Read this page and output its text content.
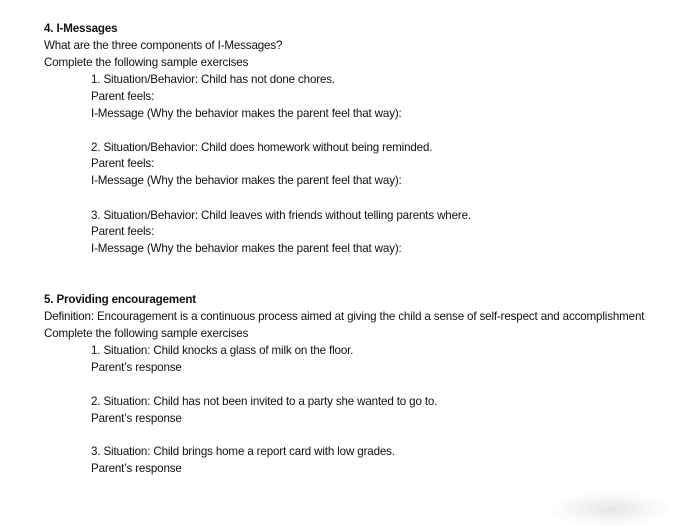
4. I-Messages
What are the three components of I-Messages?
Complete the following sample exercises
1. Situation/Behavior: Child has not done chores.
Parent feels:
I-Message (Why the behavior makes the parent feel that way):
2. Situation/Behavior: Child does homework without being reminded.
Parent feels:
I-Message (Why the behavior makes the parent feel that way):
3. Situation/Behavior: Child leaves with friends without telling parents where.
Parent feels:
I-Message (Why the behavior makes the parent feel that way):
5. Providing encouragement
Definition: Encouragement is a continuous process aimed at giving the child a sense of self-respect and accomplishment
Complete the following sample exercises
1. Situation: Child knocks a glass of milk on the floor.
Parent’s response
2. Situation: Child has not been invited to a party she wanted to go to.
Parent’s response
3. Situation: Child brings home a report card with low grades.
Parent’s response
